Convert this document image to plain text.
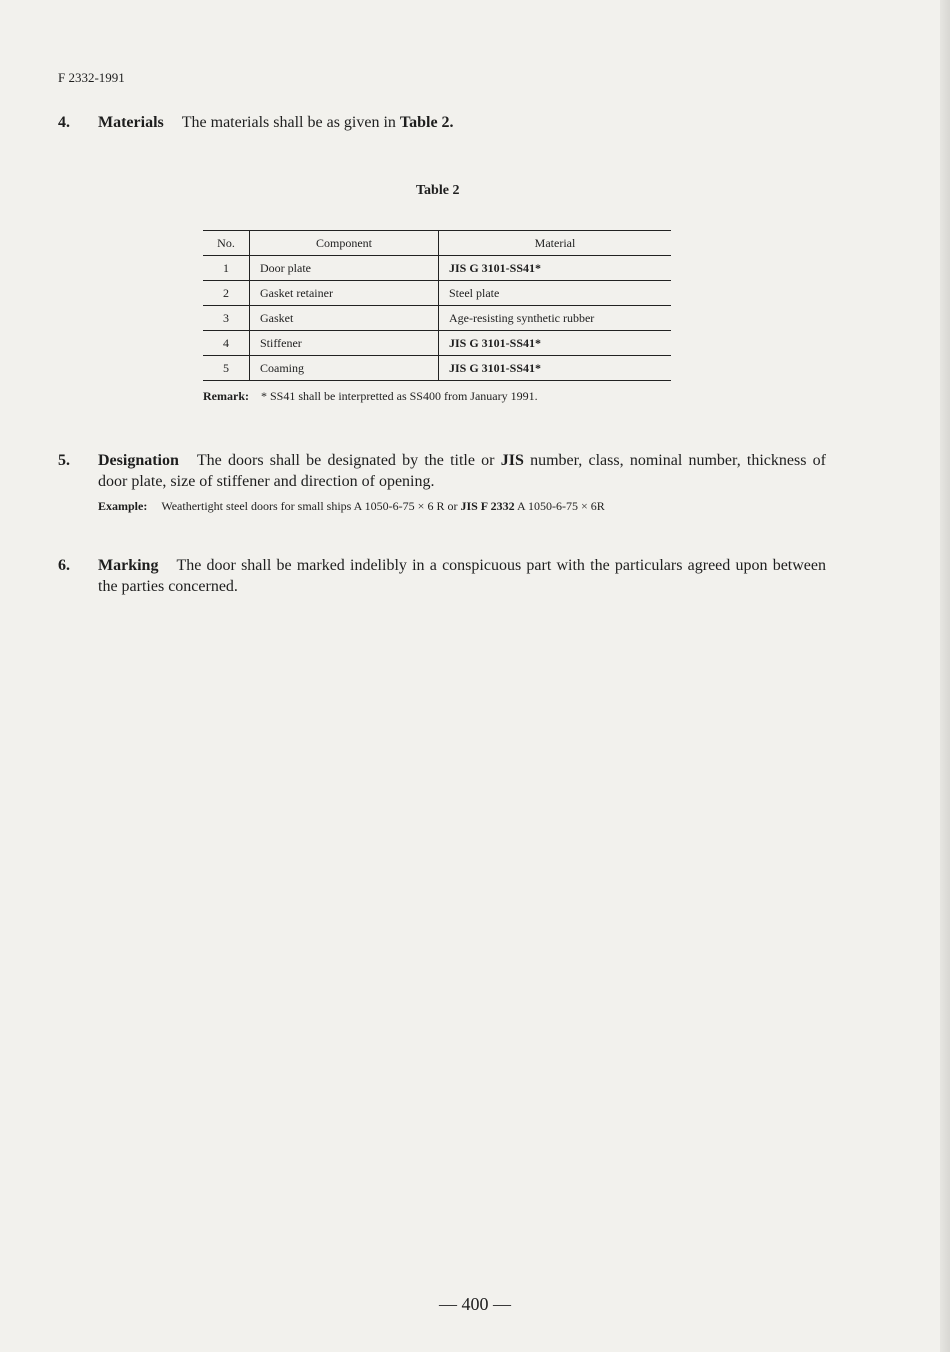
F 2332-1991
4. Materials The materials shall be as given in Table 2.
Table 2
No.	Component	Material
1	Door plate	JIS G 3101-SS41*
2	Gasket retainer	Steel plate
3	Gasket	Age-resisting synthetic rubber
4	Stiffener	JIS G 3101-SS41*
5	Coaming	JIS G 3101-SS41*
Remark: * SS41 shall be interpretted as SS400 from January 1991.
5. Designation The doors shall be designated by the title or JIS number, class, nominal number, thickness of door plate, size of stiffener and direction of opening.
Example: Weathertight steel doors for small ships A 1050-6-75 × 6 R or JIS F 2332 A 1050-6-75 × 6R
6. Marking The door shall be marked indelibly in a conspicuous part with the particulars agreed upon between the parties concerned.
— 400 —
